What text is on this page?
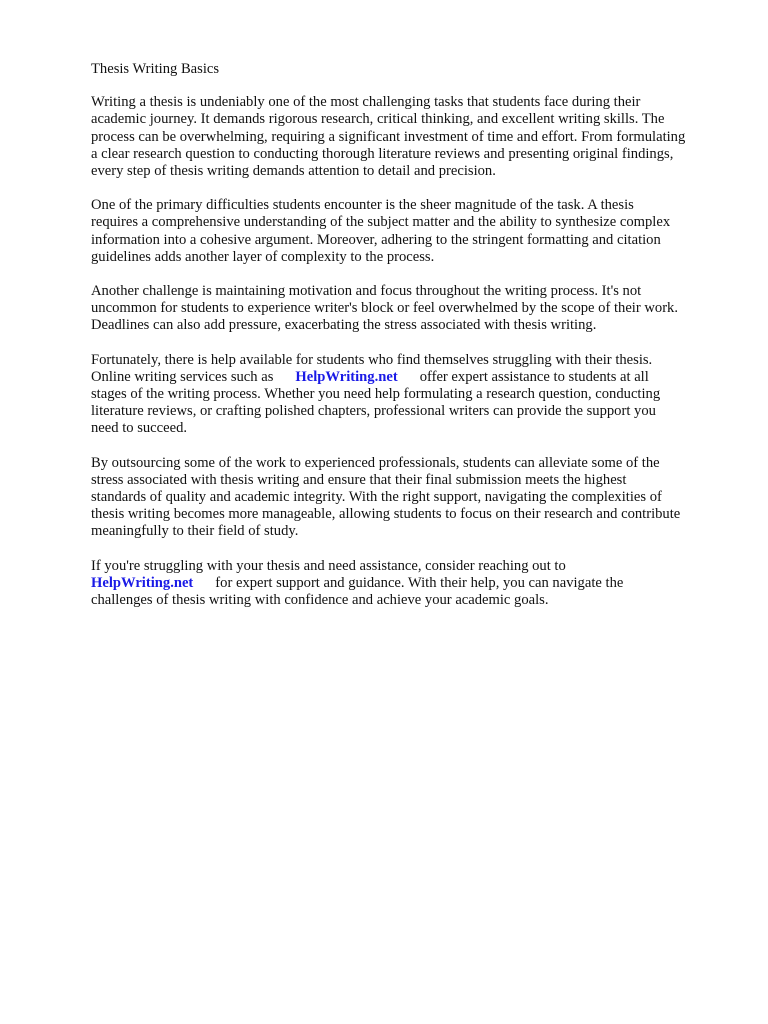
Thesis Writing Basics

Writing a thesis is undeniably one of the most challenging tasks that students face during their
academic journey. It demands rigorous research, critical thinking, and excellent writing skills. The
process can be overwhelming, requiring a significant investment of time and effort. From formulating
a clear research question to conducting thorough literature reviews and presenting original findings,
every step of thesis writing demands attention to detail and precision.

One of the primary difficulties students encounter is the sheer magnitude of the task. A thesis
requires a comprehensive understanding of the subject matter and the ability to synthesize complex
information into a cohesive argument. Moreover, adhering to the stringent formatting and citation
guidelines adds another layer of complexity to the process.

Another challenge is maintaining motivation and focus throughout the writing process. It's not
uncommon for students to experience writer's block or feel overwhelmed by the scope of their work.
Deadlines can also add pressure, exacerbating the stress associated with thesis writing.

Fortunately, there is help available for students who find themselves struggling with their thesis.
Online writing services such as HelpWriting.net offer expert assistance to students at all
stages of the writing process. Whether you need help formulating a research question, conducting
literature reviews, or crafting polished chapters, professional writers can provide the support you
need to succeed.

By outsourcing some of the work to experienced professionals, students can alleviate some of the
stress associated with thesis writing and ensure that their final submission meets the highest
standards of quality and academic integrity. With the right support, navigating the complexities of
thesis writing becomes more manageable, allowing students to focus on their research and contribute
meaningfully to their field of study.

If you're struggling with your thesis and need assistance, consider reaching out to
HelpWriting.net for expert support and guidance. With their help, you can navigate the
challenges of thesis writing with confidence and achieve your academic goals.
